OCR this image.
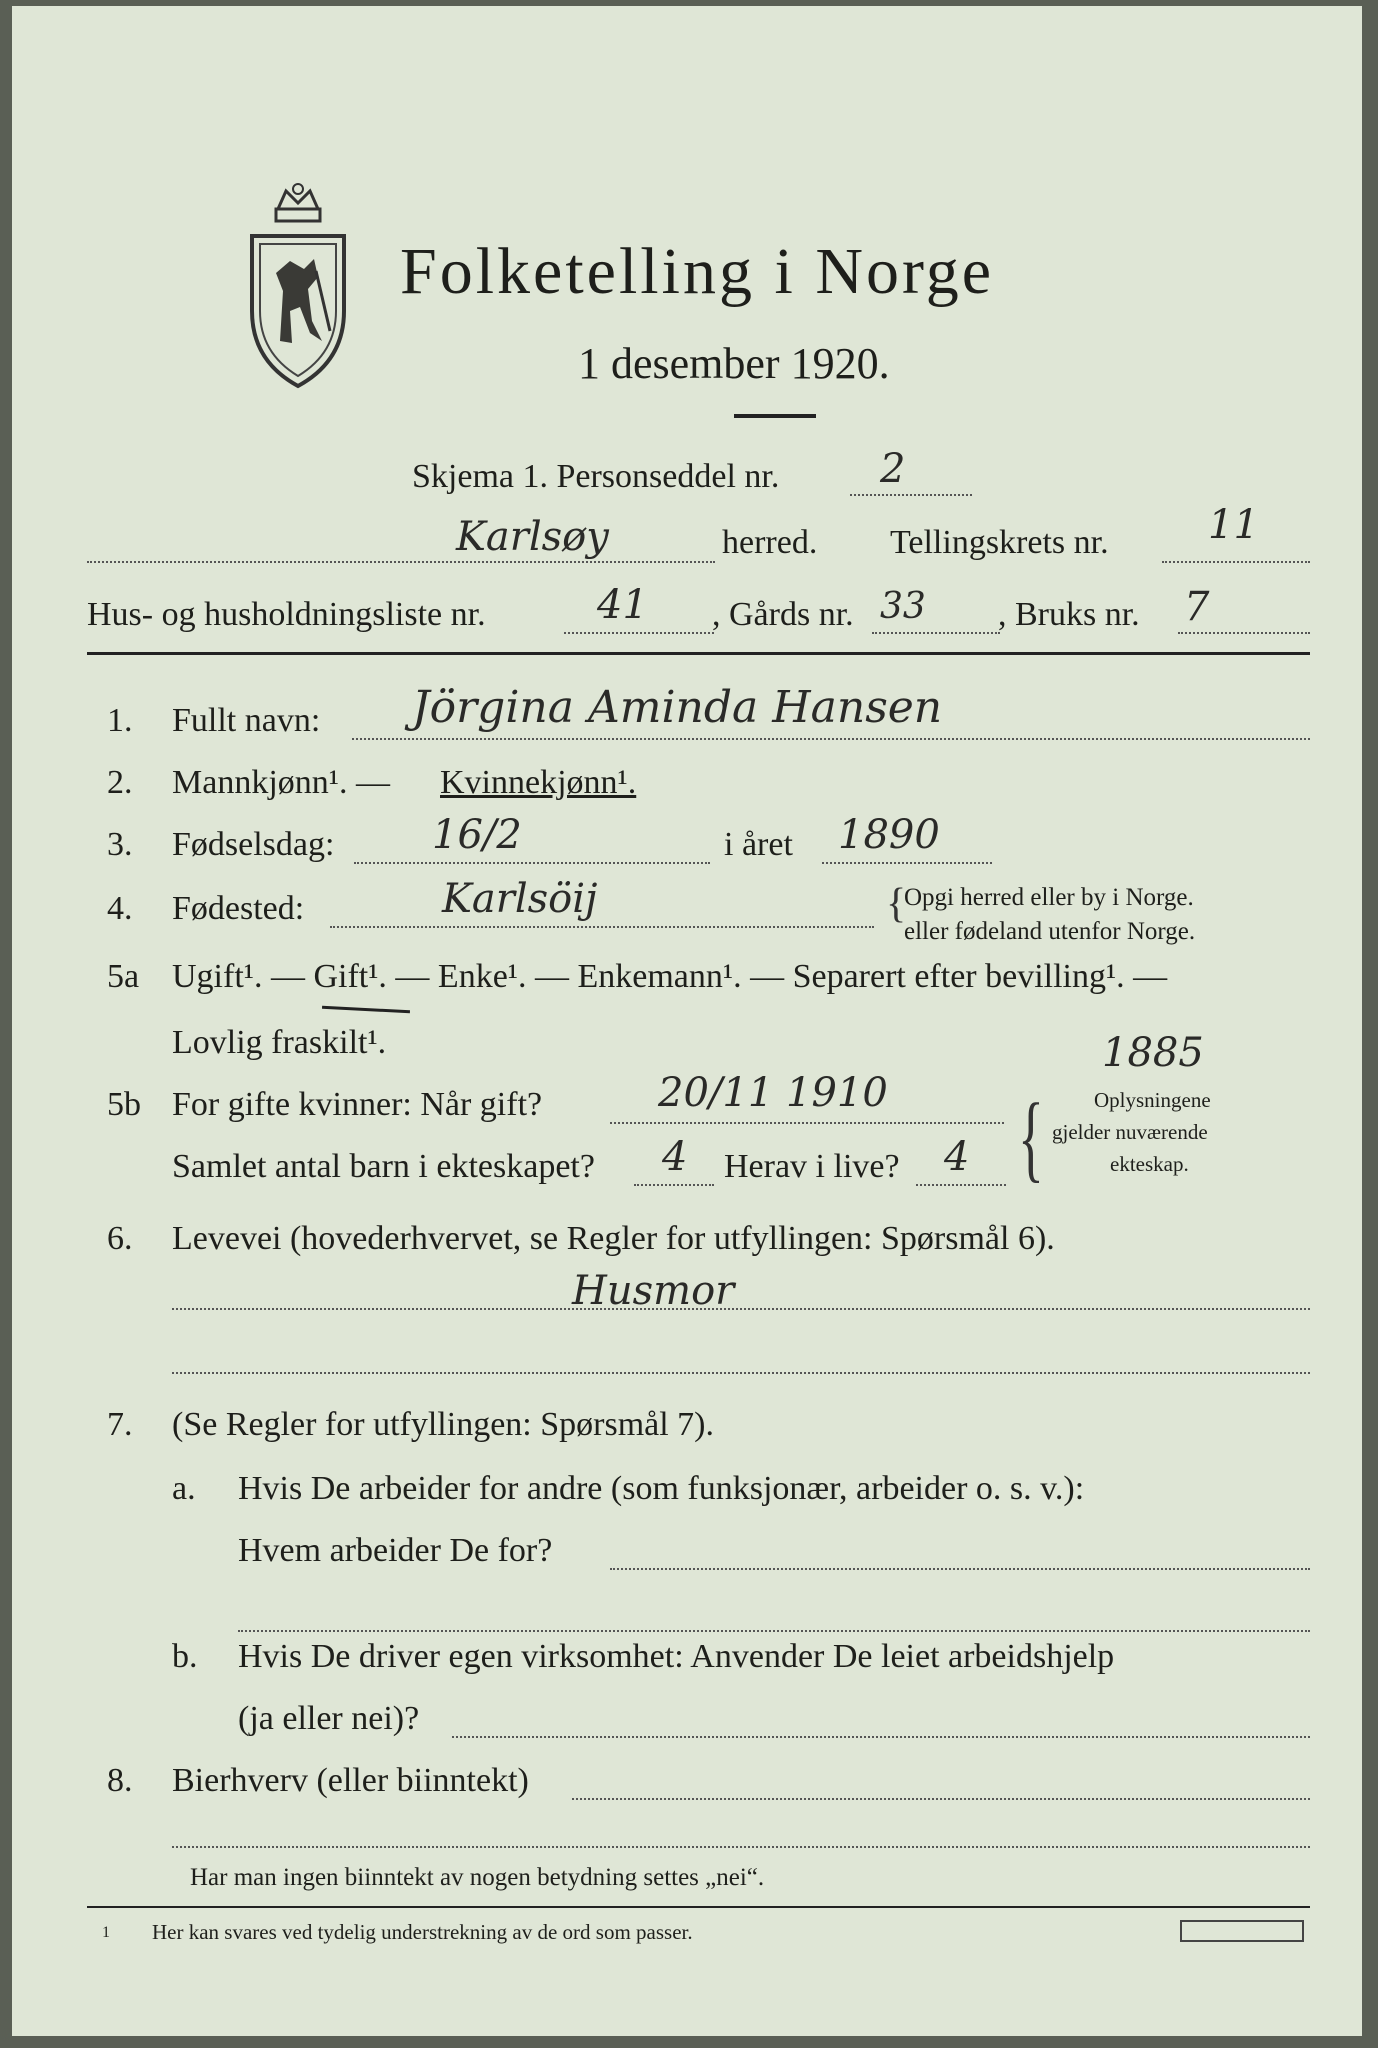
Folketelling i Norge
1 desember 1920.
Skjema 1. Personseddel nr.	2
Karlsøy	herred. Tellingskrets nr. 11
Hus- og husholdningsliste nr.	41 , Gårds nr. 33 , Bruks nr. 7
1. Fullt navn: Jörgina Aminda Hansen
2. Mannkjønn¹. — Kvinnekjønn¹.
3. Fødselsdag: 16/2	i året 1890
4. Fødested:	Karlsöij	{
Opgi herred eller by i Norge.
eller fødeland utenfor Norge.
5a Ugift¹. — Gift¹. — Enke¹. — Enkemann¹. — Separert efter bevilling¹. —
Lovlig fraskilt¹.	1885
5b For gifte kvinner: Når gift?	20/11 1910
Samlet antal barn i ekteskapet? 4 Herav i live? 4 { Oplysningene
gjelder nuværende
ekteskap.
6. Levevei (hovederhvervet, se Regler for utfyllingen: Spørsmål 6).
Husmor
7. (Se Regler for utfyllingen: Spørsmål 7).
a. Hvis De arbeider for andre (som funksjonær, arbeider o. s. v.):
Hvem arbeider De for?
b. Hvis De driver egen virksomhet: Anvender De leiet arbeidshjelp
(ja eller nei)?
8. Bierhverv (eller biinntekt)
Har man ingen biinntekt av nogen betydning settes „nei“.
1 Her kan svares ved tydelig understrekning av de ord som passer.
